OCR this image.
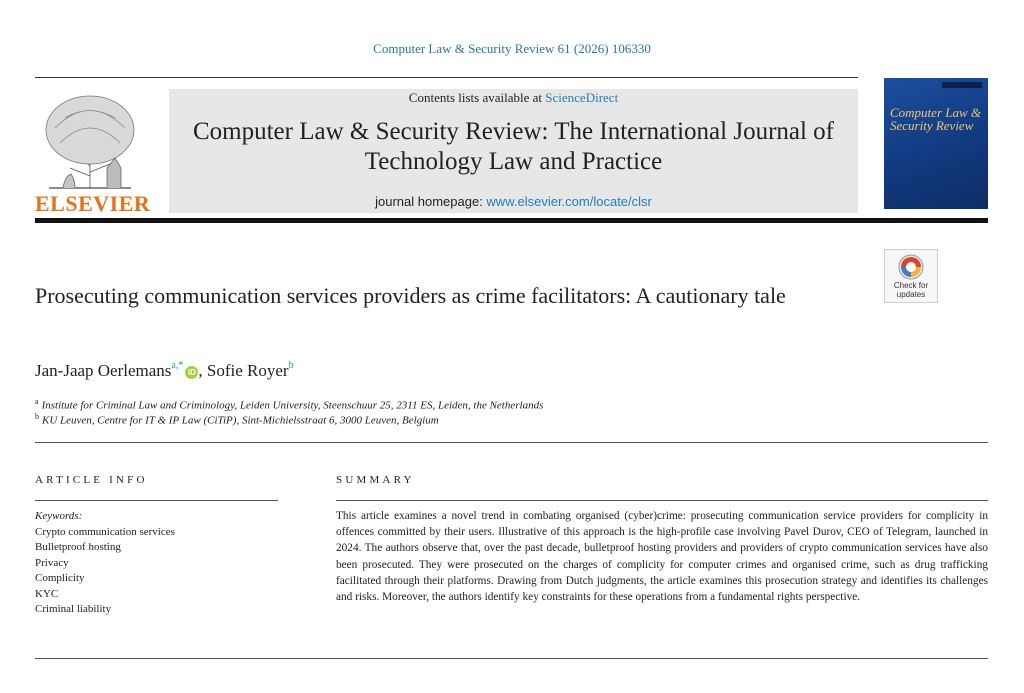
Computer Law & Security Review 61 (2026) 106330
ELSEVIER
Contents lists available at ScienceDirect
Computer Law & Security Review: The International Journal of Technology Law and Practice
journal homepage: www.elsevier.com/locate/clsr
Computer Law & Security Review
Check for updates
Prosecuting communication services providers as crime facilitators: A cautionary tale
Jan-Jaap Oerlemans$^{a,*}$iD , Sofie Royer$^b$
$^a$ Institute for Criminal Law and Criminology, Leiden University, Steenschuur 25, 2311 ES, Leiden, the Netherlands
$^b$ KU Leuven, Centre for IT & IP Law (CiTiP), Sint-Michielsstraat 6, 3000 Leuven, Belgium
ARTICLE INFO
Keywords:
Crypto communication services
Bulletproof hosting
Privacy
Complicity
KYC
Criminal liability
SUMMARY
This article examines a novel trend in combating organised (cyber)crime: prosecuting communication service providers for complicity in offences committed by their users. Illustrative of this approach is the high-profile case involving Pavel Durov, CEO of Telegram, launched in 2024. The authors observe that, over the past decade, bulletproof hosting providers and providers of crypto communication services have also been prosecuted. They were prosecuted on the charges of complicity for computer crimes and organised crime, such as drug trafficking facilitated through their platforms. Drawing from Dutch judgments, the article examines this prosecution strategy and identifies its challenges and risks. Moreover, the authors identify key constraints for these operations from a fundamental rights perspective.
